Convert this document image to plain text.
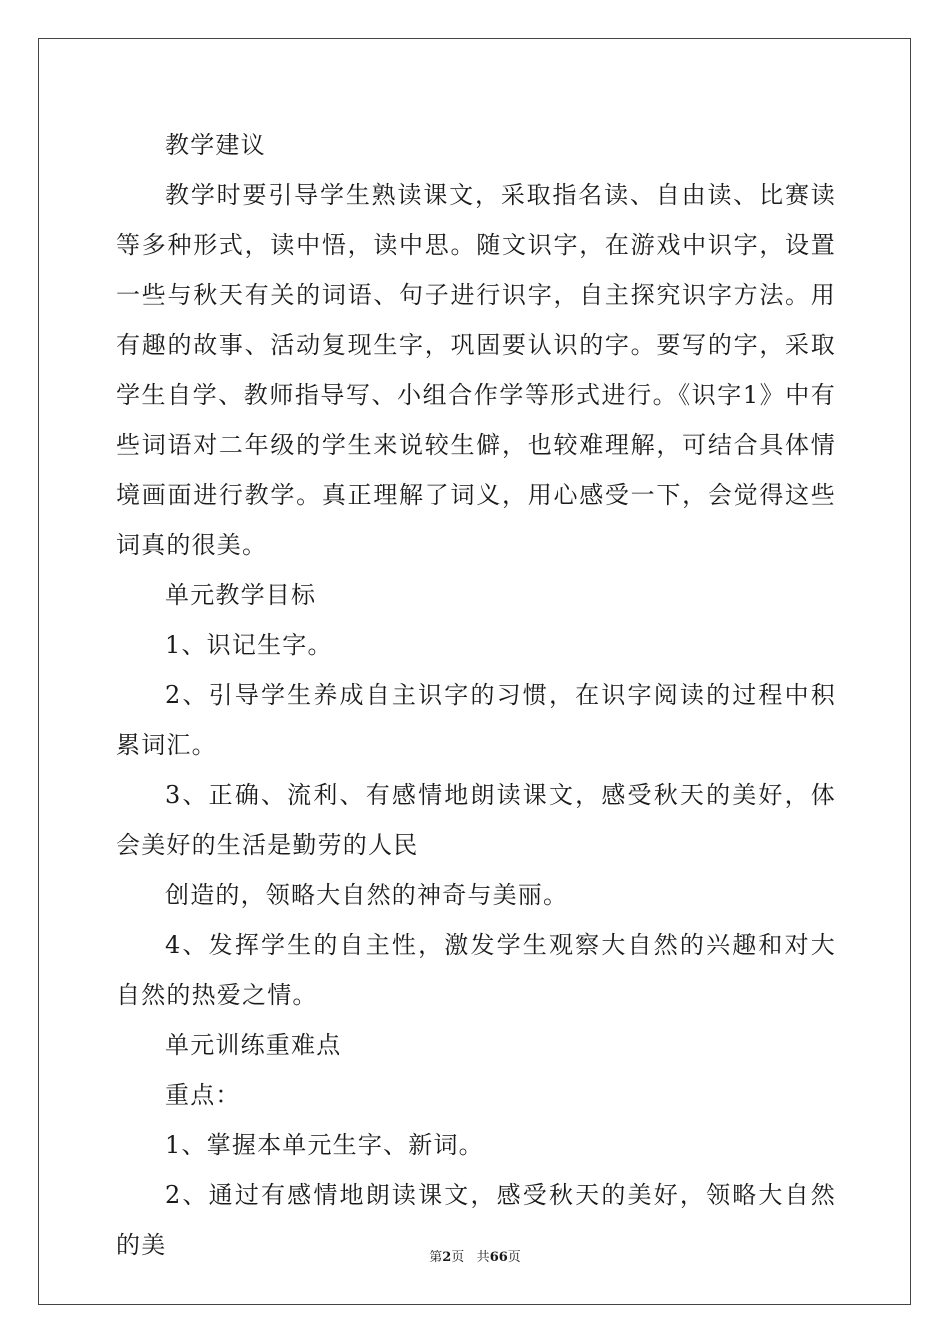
教学建议

教学时要引导学生熟读课文，采取指名读、自由读、比赛读等多种形式，读中悟，读中思。随文识字，在游戏中识字，设置一些与秋天有关的词语、句子进行识字，自主探究识字方法。用有趣的故事、活动复现生字，巩固要认识的字。要写的字，采取学生自学、教师指导写、小组合作学等形式进行。《识字1》中有些词语对二年级的学生来说较生僻，也较难理解，可结合具体情境画面进行教学。真正理解了词义，用心感受一下，会觉得这些词真的很美。

单元教学目标

1、识记生字。

2、引导学生养成自主识字的习惯，在识字阅读的过程中积累词汇。

3、正确、流利、有感情地朗读课文，感受秋天的美好，体会美好的生活是勤劳的人民

创造的，领略大自然的神奇与美丽。

4、发挥学生的自主性，激发学生观察大自然的兴趣和对大自然的热爱之情。

单元训练重难点

重点：

1、掌握本单元生字、新词。

2、通过有感情地朗读课文，感受秋天的美好，领略大自然的美	第2页 共66页
